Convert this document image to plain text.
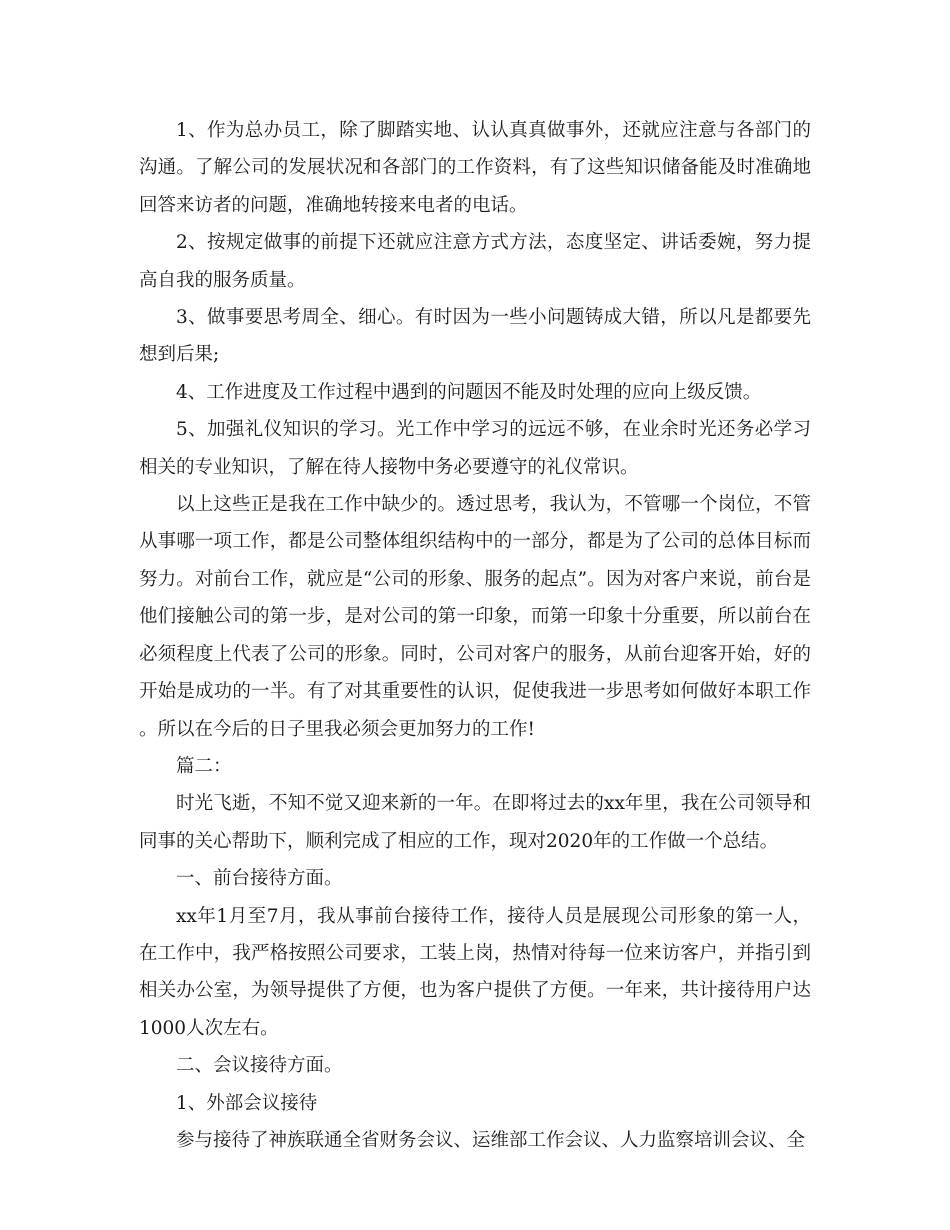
1、作为总办员工，除了脚踏实地、认认真真做事外，还就应注意与各部门的沟通。了解公司的发展状况和各部门的工作资料，有了这些知识储备能及时准确地回答来访者的问题，准确地转接来电者的电话。

2、按规定做事的前提下还就应注意方式方法，态度坚定、讲话委婉，努力提高自我的服务质量。

3、做事要思考周全、细心。有时因为一些小问题铸成大错，所以凡是都要先想到后果;

4、工作进度及工作过程中遇到的问题因不能及时处理的应向上级反馈。

5、加强礼仪知识的学习。光工作中学习的远远不够，在业余时光还务必学习相关的专业知识，了解在待人接物中务必要遵守的礼仪常识。

以上这些正是我在工作中缺少的。透过思考，我认为，不管哪一个岗位，不管从事哪一项工作，都是公司整体组织结构中的一部分，都是为了公司的总体目标而努力。对前台工作，就应是“公司的形象、服务的起点”。因为对客户来说，前台是他们接触公司的第一步，是对公司的第一印象，而第一印象十分重要，所以前台在必须程度上代表了公司的形象。同时，公司对客户的服务，从前台迎客开始，好的开始是成功的一半。有了对其重要性的认识，促使我进一步思考如何做好本职工作。所以在今后的日子里我必须会更加努力的工作!

篇二：

时光飞逝，不知不觉又迎来新的一年。在即将过去的xx年里，我在公司领导和同事的关心帮助下，顺利完成了相应的工作，现对2020年的工作做一个总结。

一、前台接待方面。

xx年1月至7月，我从事前台接待工作，接待人员是展现公司形象的第一人，在工作中，我严格按照公司要求，工装上岗，热情对待每一位来访客户，并指引到相关办公室，为领导提供了方便，也为客户提供了方便。一年来，共计接待用户达1000人次左右。

二、会议接待方面。

1、外部会议接待

参与接待了神族联通全省财务会议、运维部工作会议、人力监察培训会议、全
